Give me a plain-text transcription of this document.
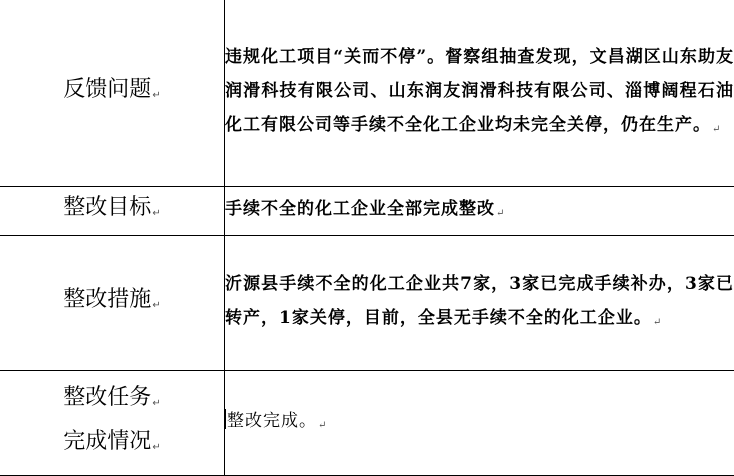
反馈问题↵	违规化工项目“关而不停”。督察组抽查发现，文昌湖区山东助友润滑科技有限公司、山东润友润滑科技有限公司、淄博阔程石油化工有限公司等手续不全化工企业均未完全关停，仍在生产。↵
整改目标↵	手续不全的化工企业全部完成整改↵
整改措施↵	沂源县手续不全的化工企业共7家，3家已完成手续补办，3家已转产，1家关停，目前，全县无手续不全的化工企业。↵

整改任务↵
完成情况↵	整改完成。↵
